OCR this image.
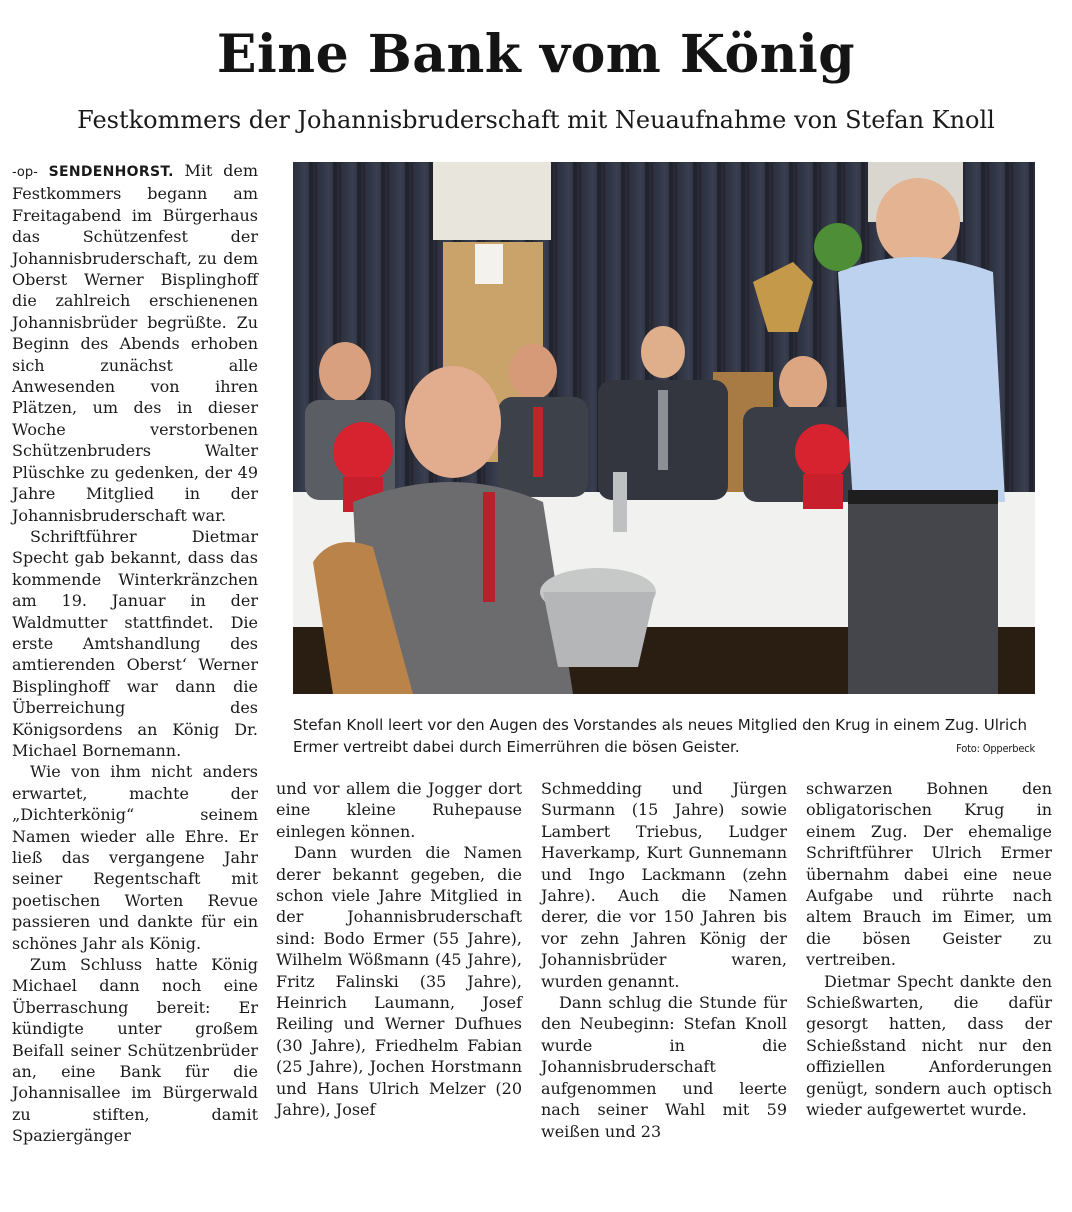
Eine Bank vom König
Festkommers der Johannisbruderschaft mit Neuaufnahme von Stefan Knoll

-op- SENDENHORST. Mit dem Festkommers begann am Freitagabend im Bürgerhaus das Schützenfest der Johannisbruderschaft, zu dem Oberst Werner Bisplinghoff die zahlreich erschienenen Johannisbrüder begrüßte. Zu Beginn des Abends erhoben sich zunächst alle Anwesenden von ihren Plätzen, um des in dieser Woche verstorbenen Schützenbruders Walter Plüschke zu gedenken, der 49 Jahre Mitglied in der Johannisbruderschaft war.

Schriftführer Dietmar Specht gab bekannt, dass das kommende Winterkränzchen am 19. Januar in der Waldmutter stattfindet. Die erste Amtshandlung des amtierenden Oberst‘ Werner Bisplinghoff war dann die Überreichung des Königsordens an König Dr. Michael Bornemann.

Wie von ihm nicht anders erwartet, machte der „Dichterkönig“ seinem Namen wieder alle Ehre. Er ließ das vergangene Jahr seiner Regentschaft mit poetischen Worten Revue passieren und dankte für ein schönes Jahr als König.

Zum Schluss hatte König Michael dann noch eine Überraschung bereit: Er kündigte unter großem Beifall seiner Schützenbrüder an, eine Bank für die Johannisallee im Bürgerwald zu stiften, damit Spaziergänger

Stefan Knoll leert vor den Augen des Vorstandes als neues Mitglied den Krug in einem Zug. Ulrich Ermer vertreibt dabei durch Eimerrühren die bösen Geister.	Foto: Opperbeck

und vor allem die Jogger dort eine kleine Ruhepause einlegen können.

Dann wurden die Namen derer bekannt gegeben, die schon viele Jahre Mitglied in der Johannisbruderschaft sind: Bodo Ermer (55 Jahre), Wilhelm Wößmann (45 Jahre), Fritz Falinski (35 Jahre), Heinrich Laumann, Josef Reiling und Werner Dufhues (30 Jahre), Friedhelm Fabian (25 Jahre), Jochen Horstmann und Hans Ulrich Melzer (20 Jahre), Josef

Schmedding und Jürgen Surmann (15 Jahre) sowie Lambert Triebus, Ludger Haverkamp, Kurt Gunnemann und Ingo Lackmann (zehn Jahre). Auch die Namen derer, die vor 150 Jahren bis vor zehn Jahren König der Johannisbrüder waren, wurden genannt.

Dann schlug die Stunde für den Neubeginn: Stefan Knoll wurde in die Johannisbruderschaft aufgenommen und leerte nach seiner Wahl mit 59 weißen und 23

schwarzen Bohnen den obligatorischen Krug in einem Zug. Der ehemalige Schriftführer Ulrich Ermer übernahm dabei eine neue Aufgabe und rührte nach altem Brauch im Eimer, um die bösen Geister zu vertreiben.

Dietmar Specht dankte den Schießwarten, die dafür gesorgt hatten, dass der Schießstand nicht nur den offiziellen Anforderungen genügt, sondern auch optisch wieder aufgewertet wurde.
